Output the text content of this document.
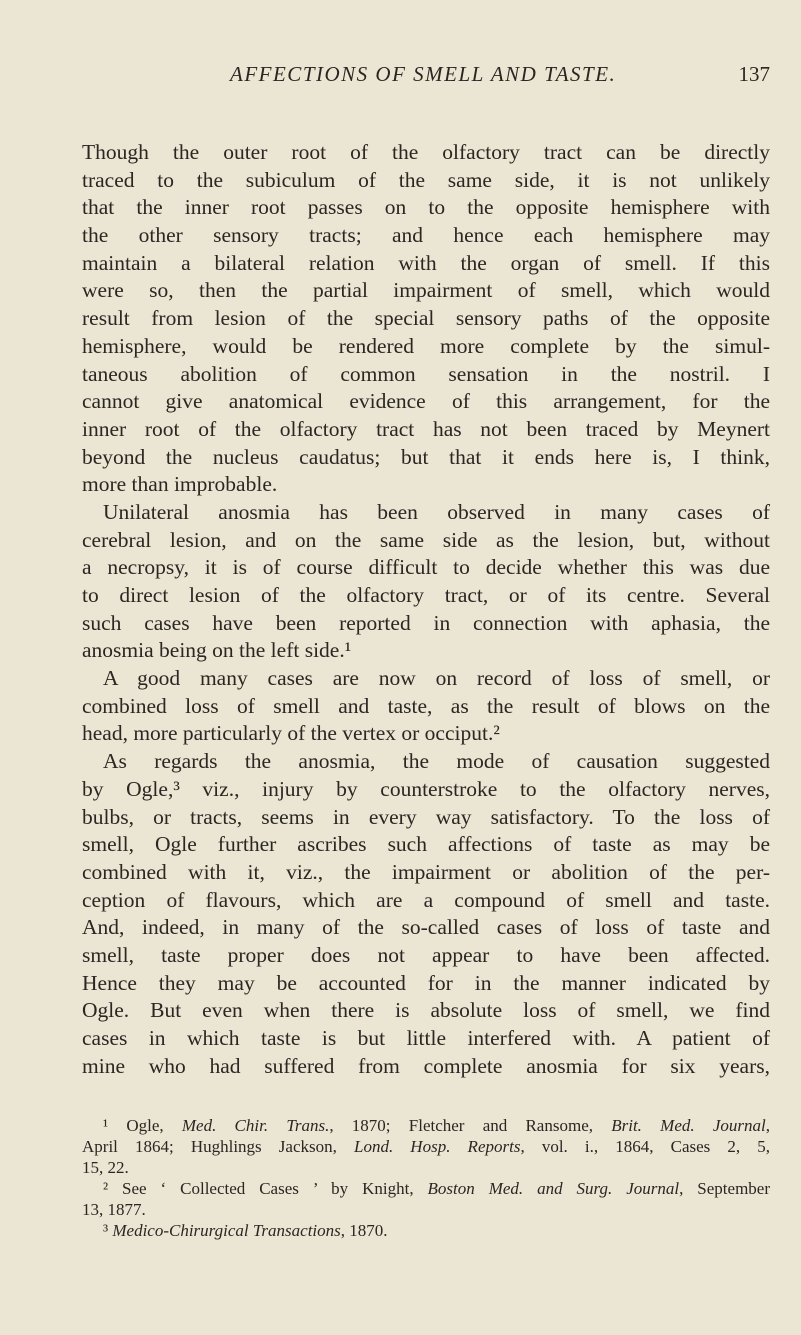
AFFECTIONS OF SMELL AND TASTE.	137
Though the outer root of the olfactory tract can be directly
traced to the subiculum of the same side, it is not unlikely
that the inner root passes on to the opposite hemisphere with
the other sensory tracts; and hence each hemisphere may
maintain a bilateral relation with the organ of smell. If this
were so, then the partial impairment of smell, which would
result from lesion of the special sensory paths of the opposite
hemisphere, would be rendered more complete by the simul-
taneous abolition of common sensation in the nostril. I
cannot give anatomical evidence of this arrangement, for the
inner root of the olfactory tract has not been traced by Meynert
beyond the nucleus caudatus; but that it ends here is, I think,
more than improbable.
Unilateral anosmia has been observed in many cases of
cerebral lesion, and on the same side as the lesion, but, without
a necropsy, it is of course difficult to decide whether this was due
to direct lesion of the olfactory tract, or of its centre. Several
such cases have been reported in connection with aphasia, the
anosmia being on the left side.¹
A good many cases are now on record of loss of smell, or
combined loss of smell and taste, as the result of blows on the
head, more particularly of the vertex or occiput.²
As regards the anosmia, the mode of causation suggested
by Ogle,³ viz., injury by counterstroke to the olfactory nerves,
bulbs, or tracts, seems in every way satisfactory. To the loss of
smell, Ogle further ascribes such affections of taste as may be
combined with it, viz., the impairment or abolition of the per-
ception of flavours, which are a compound of smell and taste.
And, indeed, in many of the so-called cases of loss of taste and
smell, taste proper does not appear to have been affected.
Hence they may be accounted for in the manner indicated by
Ogle. But even when there is absolute loss of smell, we find
cases in which taste is but little interfered with. A patient of
mine who had suffered from complete anosmia for six years,
¹ Ogle, Med. Chir. Trans., 1870; Fletcher and Ransome, Brit. Med. Journal,
April 1864; Hughlings Jackson, Lond. Hosp. Reports, vol. i., 1864, Cases 2, 5,
15, 22.
² See ‘ Collected Cases ’ by Knight, Boston Med. and Surg. Journal, September
13, 1877.
³ Medico-Chirurgical Transactions, 1870.
